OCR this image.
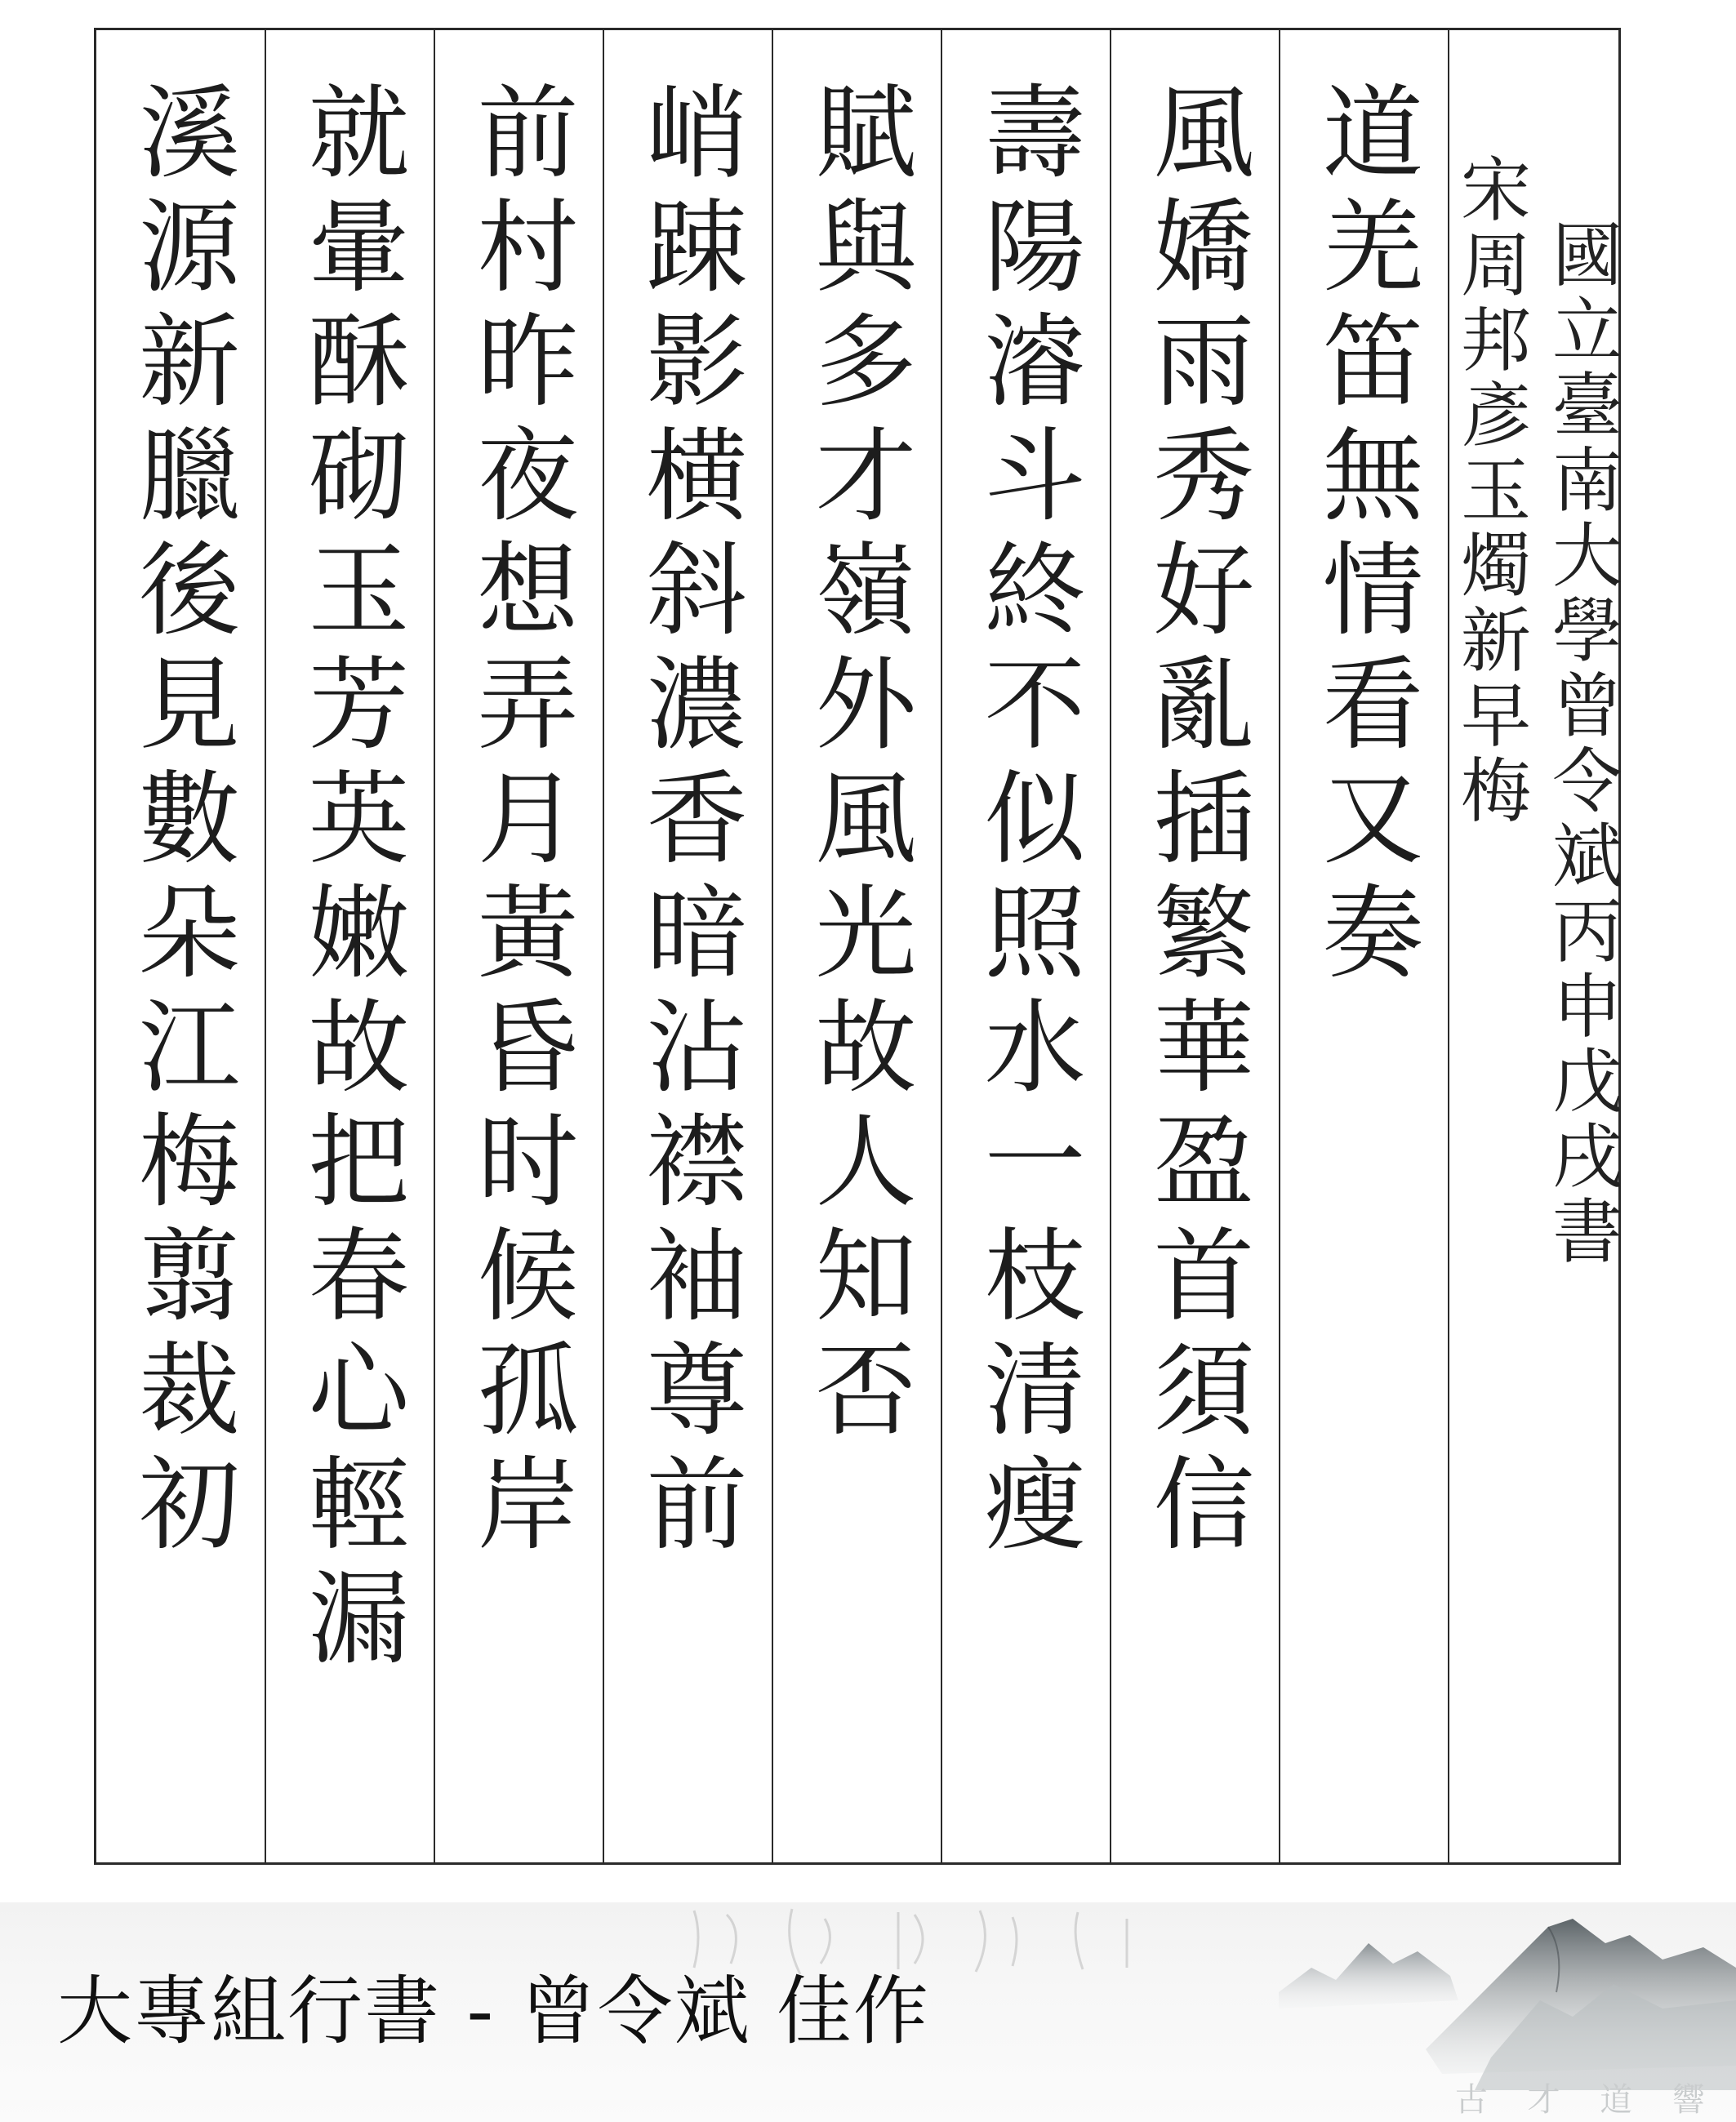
溪源新臘後見數朵江梅翦裁初 就暈酥砌玉芳英嫩故把春心輕漏 前村昨夜想弄月黃昏时候孤岸 峭踈影横斜濃香暗沾襟袖尊前 賦與多才嶺外風光故人知否 壽陽𣿰斗終不似照水一枝清瘦 風嬌雨秀好亂插繁華盈首須信 道羌笛無情看又奏 宋周邦彥玉燭新早梅 國立臺南大學曾令斌丙申戊戌書
大專組行書 - 曾令斌 佳作
古 才 道 響
